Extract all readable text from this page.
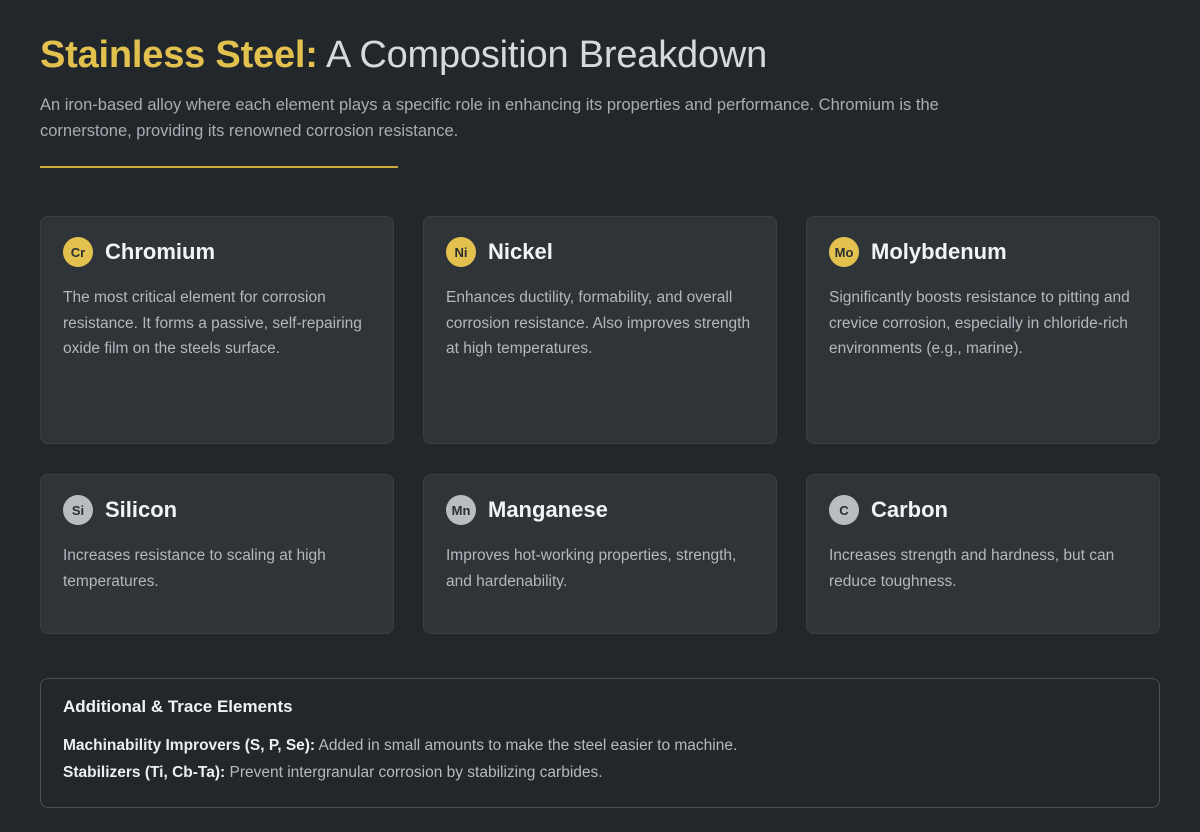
Stainless Steel: A Composition Breakdown
An iron-based alloy where each element plays a specific role in enhancing its properties and performance. Chromium is the cornerstone, providing its renowned corrosion resistance.
Cr Chromium
The most critical element for corrosion resistance. It forms a passive, self-repairing oxide film on the steels surface.
Ni Nickel
Enhances ductility, formability, and overall corrosion resistance. Also improves strength at high temperatures.
Mo Molybdenum
Significantly boosts resistance to pitting and crevice corrosion, especially in chloride-rich environments (e.g., marine).
Si Silicon
Increases resistance to scaling at high temperatures.
Mn Manganese
Improves hot-working properties, strength, and hardenability.
C	Carbon
Increases strength and hardness, but can reduce toughness.
Additional & Trace Elements
Machinability Improvers (S, P, Se): Added in small amounts to make the steel easier to machine.
Stabilizers (Ti, Cb-Ta): Prevent intergranular corrosion by stabilizing carbides.
